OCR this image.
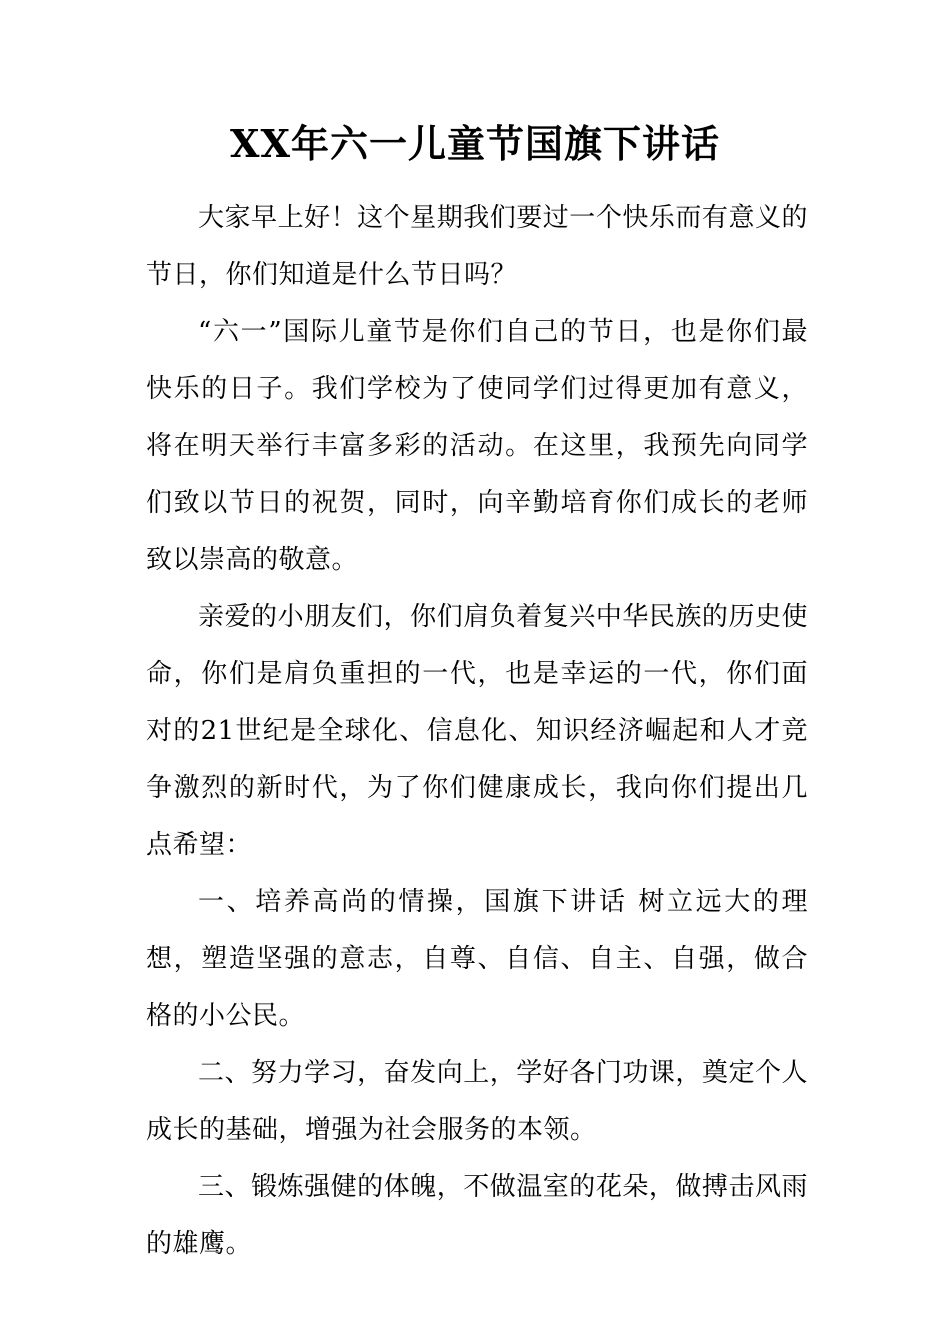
XX年六一儿童节国旗下讲话

大家早上好！这个星期我们要过一个快乐而有意义的节日，你们知道是什么节日吗？

“六一”国际儿童节是你们自己的节日，也是你们最快乐的日子。我们学校为了使同学们过得更加有意义，将在明天举行丰富多彩的活动。在这里，我预先向同学们致以节日的祝贺，同时，向辛勤培育你们成长的老师致以崇高的敬意。

亲爱的小朋友们，你们肩负着复兴中华民族的历史使命，你们是肩负重担的一代，也是幸运的一代，你们面对的21世纪是全球化、信息化、知识经济崛起和人才竞争激烈的新时代，为了你们健康成长，我向你们提出几点希望：

一、培养高尚的情操，国旗下讲话 树立远大的理想，塑造坚强的意志，自尊、自信、自主、自强，做合格的小公民。

二、努力学习，奋发向上，学好各门功课，奠定个人成长的基础，增强为社会服务的本领。

三、锻炼强健的体魄，不做温室的花朵，做搏击风雨的雄鹰。
